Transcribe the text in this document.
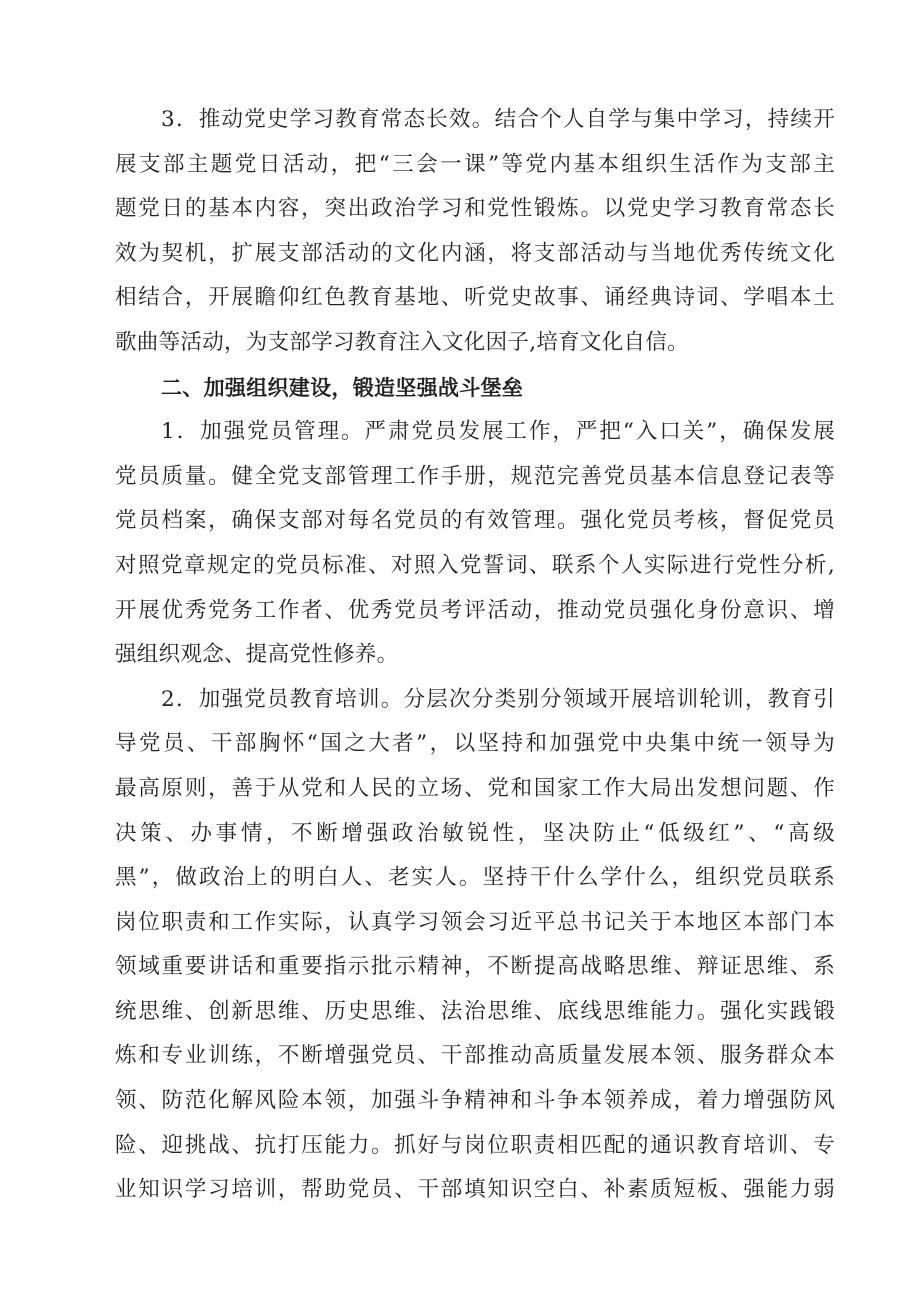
3．推动党史学习教育常态长效。结合个人自学与集中学习，持续开
展支部主题党日活动，把“三会一课”等党内基本组织生活作为支部主
题党日的基本内容，突出政治学习和党性锻炼。以党史学习教育常态长
效为契机，扩展支部活动的文化内涵，将支部活动与当地优秀传统文化
相结合，开展瞻仰红色教育基地、听党史故事、诵经典诗词、学唱本土
歌曲等活动，为支部学习教育注入文化因子,培育文化自信。
二、加强组织建设，锻造坚强战斗堡垒
1．加强党员管理。严肃党员发展工作，严把“入口关”，确保发展
党员质量。健全党支部管理工作手册，规范完善党员基本信息登记表等
党员档案，确保支部对每名党员的有效管理。强化党员考核，督促党员
对照党章规定的党员标准、对照入党誓词、联系个人实际进行党性分析,
开展优秀党务工作者、优秀党员考评活动，推动党员强化身份意识、增
强组织观念、提高党性修养。
2．加强党员教育培训。分层次分类别分领域开展培训轮训，教育引
导党员、干部胸怀“国之大者”，以坚持和加强党中央集中统一领导为
最高原则，善于从党和人民的立场、党和国家工作大局出发想问题、作
决策、办事情，不断增强政治敏锐性，坚决防止“低级红”、“高级
黑”，做政治上的明白人、老实人。坚持干什么学什么，组织党员联系
岗位职责和工作实际，认真学习领会习近平总书记关于本地区本部门本
领域重要讲话和重要指示批示精神，不断提高战略思维、辩证思维、系
统思维、创新思维、历史思维、法治思维、底线思维能力。强化实践锻
炼和专业训练，不断增强党员、干部推动高质量发展本领、服务群众本
领、防范化解风险本领，加强斗争精神和斗争本领养成，着力增强防风
险、迎挑战、抗打压能力。抓好与岗位职责相匹配的通识教育培训、专
业知识学习培训，帮助党员、干部填知识空白、补素质短板、强能力弱
